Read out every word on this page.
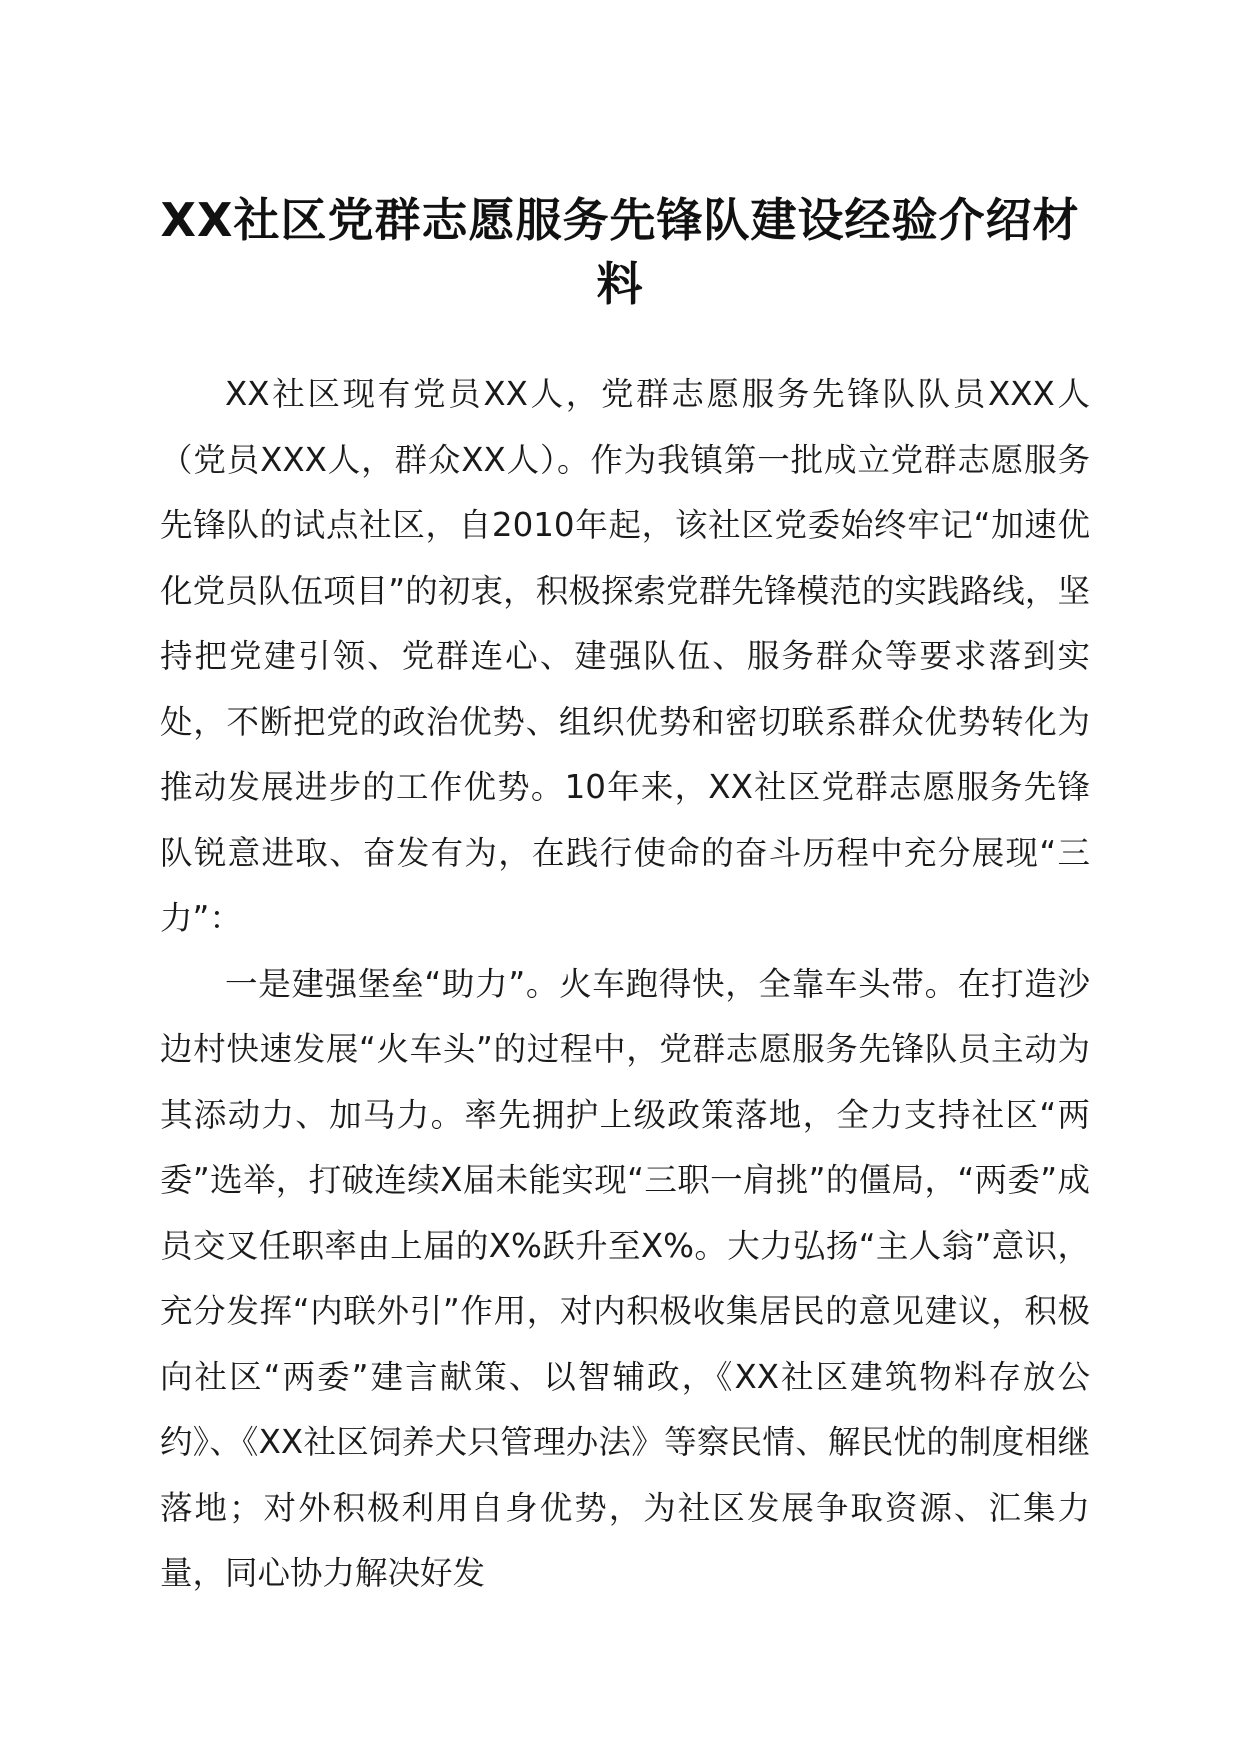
XX社区党群志愿服务先锋队建设经验介绍材料

XX社区现有党员XX人，党群志愿服务先锋队队员XXX人（党员XXX人，群众XX人）。作为我镇第一批成立党群志愿服务先锋队的试点社区，自2010年起，该社区党委始终牢记“加速优化党员队伍项目”的初衷，积极探索党群先锋模范的实践路线，坚持把党建引领、党群连心、建强队伍、服务群众等要求落到实处，不断把党的政治优势、组织优势和密切联系群众优势转化为推动发展进步的工作优势。10年来，XX社区党群志愿服务先锋队锐意进取、奋发有为，在践行使命的奋斗历程中充分展现“三力”：

一是建强堡垒“助力”。火车跑得快，全靠车头带。在打造沙边村快速发展“火车头”的过程中，党群志愿服务先锋队员主动为其添动力、加马力。率先拥护上级政策落地，全力支持社区“两委”选举，打破连续X届未能实现“三职一肩挑”的僵局，“两委”成员交叉任职率由上届的X%跃升至X%。大力弘扬“主人翁”意识，充分发挥“内联外引”作用，对内积极收集居民的意见建议，积极向社区“两委”建言献策、以智辅政，《XX社区建筑物料存放公约》、《XX社区饲养犬只管理办法》等察民情、解民忧的制度相继落地；对外积极利用自身优势，为社区发展争取资源、汇集力量，同心协力解决好发
